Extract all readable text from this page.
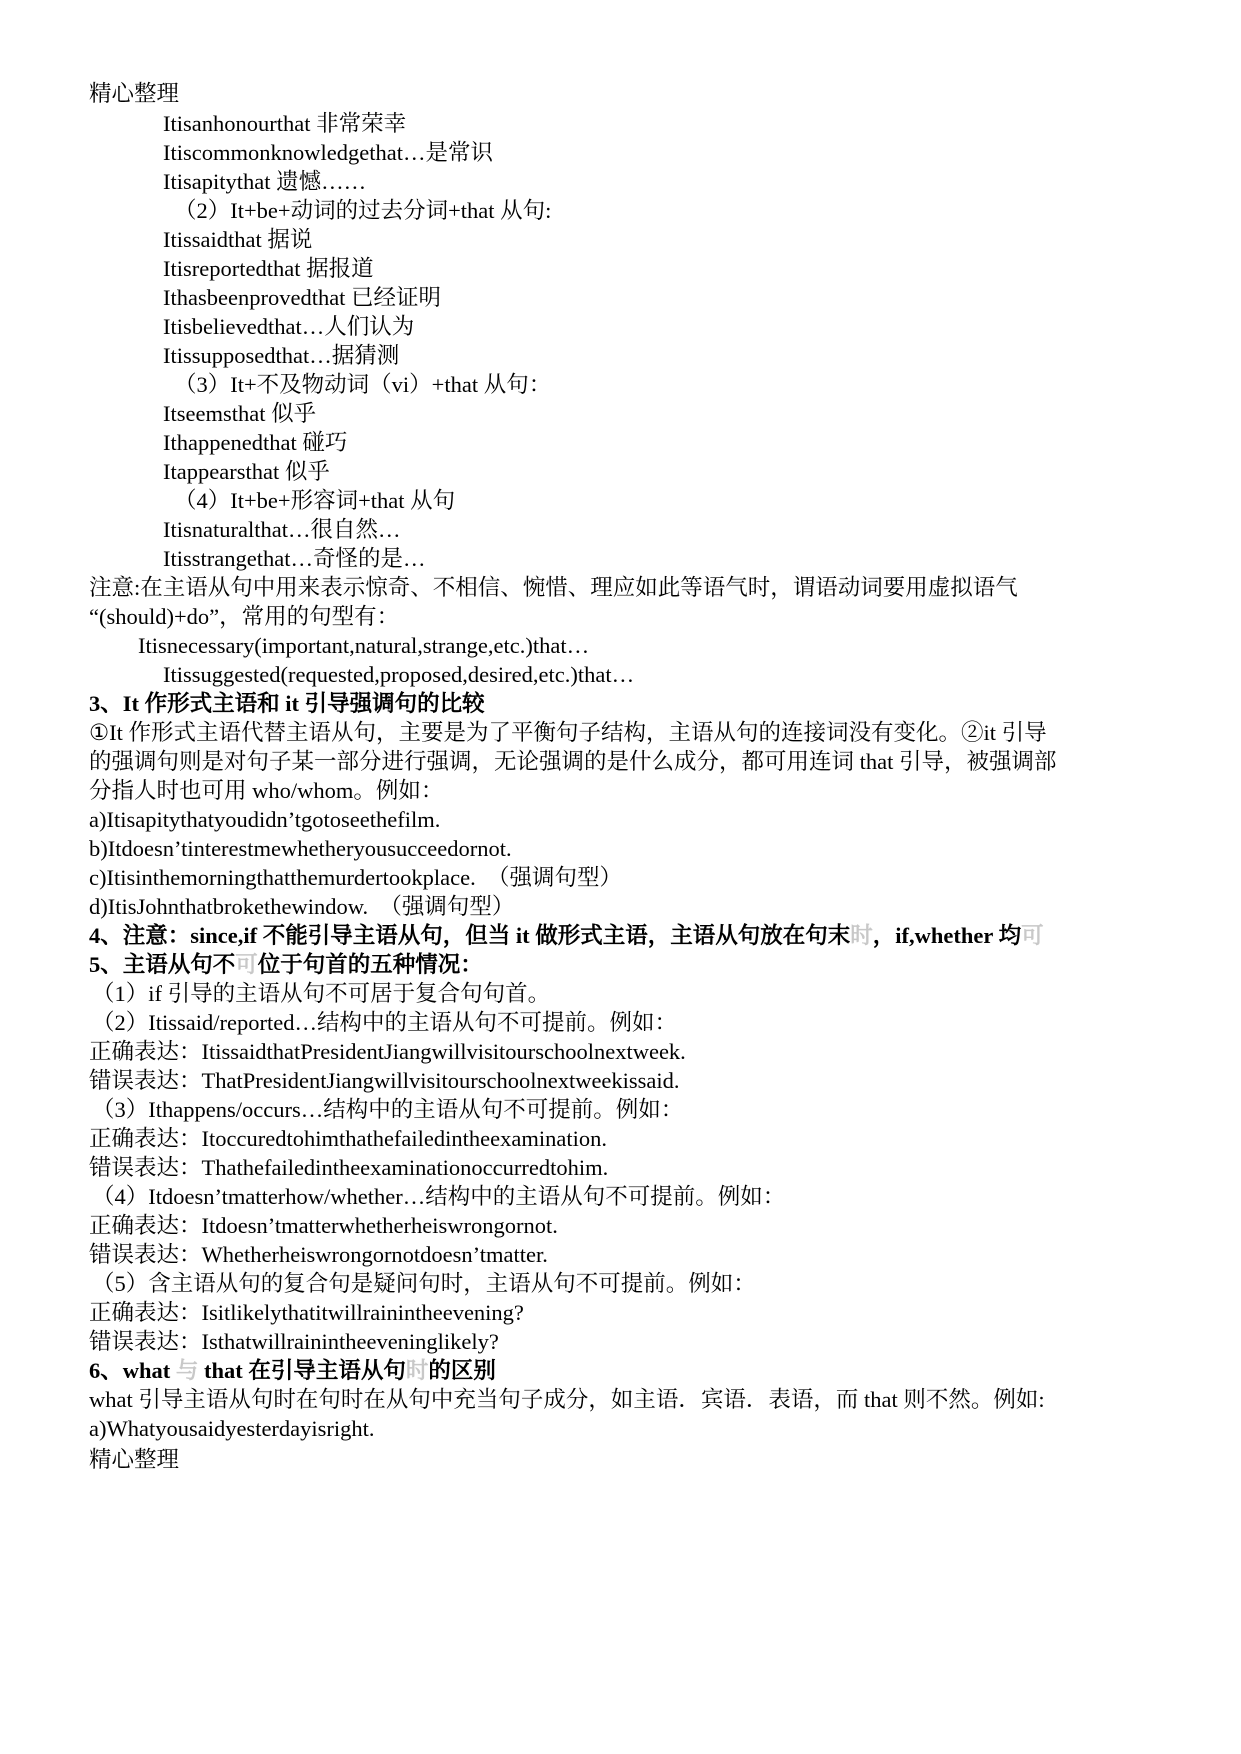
精心整理
Itisanhonourthat 非常荣幸
Itiscommonknowledgethat…是常识
Itisapitythat 遗憾……
（2）It+be+动词的过去分词+that 从句:
Itissaidthat 据说
Itisreportedthat 据报道
Ithasbeenprovedthat 已经证明
Itisbelievedthat…人们认为
Itissupposedthat…据猜测
（3）It+不及物动词（vi）+that 从句：
Itseemsthat 似乎
Ithappenedthat 碰巧
Itappearsthat 似乎
（4）It+be+形容词+that 从句
Itisnaturalthat…很自然…
Itisstrangethat…奇怪的是…
注意:在主语从句中用来表示惊奇、不相信、惋惜、理应如此等语气时，谓语动词要用虚拟语气
“(should)+do”，常用的句型有：
Itisnecessary(important,natural,strange,etc.)that…
Itissuggested(requested,proposed,desired,etc.)that…
3、It 作形式主语和 it 引导强调句的比较
①It 作形式主语代替主语从句，主要是为了平衡句子结构，主语从句的连接词没有变化。②it 引导
的强调句则是对句子某一部分进行强调，无论强调的是什么成分，都可用连词 that 引导，被强调部
分指人时也可用 who/whom。例如：
a)Itisapitythatyoudidn’tgotoseethefilm.
b)Itdoesn’tinterestmewhetheryousucceedornot.
c)Itisinthemorningthatthemurdertookplace.　（强调句型）
d)ItisJohnthatbrokethewindow.　（强调句型）
4、注意：since,if 不能引导主语从句，但当 it 做形式主语，主语从句放在句末时，if,whether 均可
5、主语从句不可位于句首的五种情况：
（1）if 引导的主语从句不可居于复合句句首。
（2）Itissaid/reported…结构中的主语从句不可提前。例如：
正确表达：ItissaidthatPresidentJiangwillvisitourschoolnextweek.
错误表达：ThatPresidentJiangwillvisitourschoolnextweekissaid.
（3）Ithappens/occurs…结构中的主语从句不可提前。例如：
正确表达：Itoccuredtohimthathefailedintheexamination.
错误表达：Thathefailedintheexaminationoccurredtohim.
（4）Itdoesn’tmatterhow/whether…结构中的主语从句不可提前。例如：
正确表达：Itdoesn’tmatterwhetherheiswrongornot.
错误表达：Whetherheiswrongornotdoesn’tmatter.
（5）含主语从句的复合句是疑问句时，主语从句不可提前。例如：
正确表达：Isitlikelythatitwillrainintheevening?
错误表达：Isthatwillrainintheeveninglikely?
6、what 与 that 在引导主语从句时的区别
what 引导主语从句时在句时在从句中充当句子成分，如主语．宾语．表语，而 that 则不然。例如:
a)Whatyousaidyesterdayisright.
精心整理
